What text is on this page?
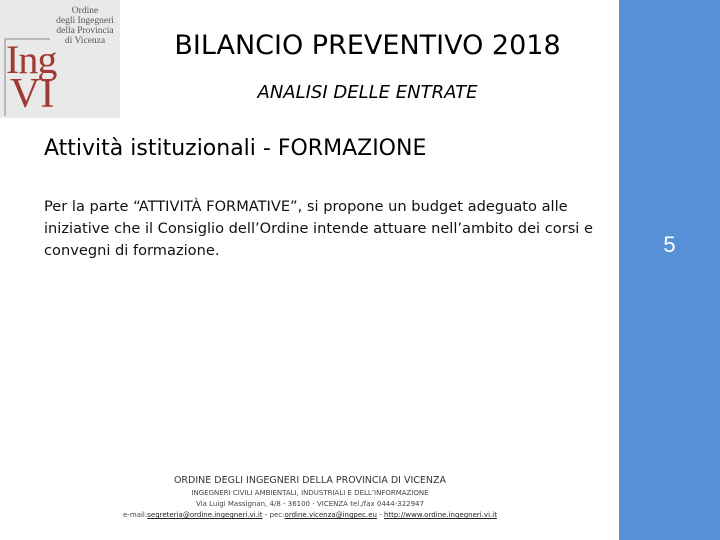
Ordine
degli Ingegneri
della Provincia
di Vicenza
Ing
VI
BILANCIO PREVENTIVO 2018
ANALISI DELLE ENTRATE
Attività istituzionali - FORMAZIONE

Per la parte “ATTIVITÀ FORMATIVE”, si propone un budget adeguato alle iniziative che il Consiglio dell’Ordine intende attuare nell’ambito dei corsi e convegni di formazione.	5
ORDINE DEGLI INGEGNERI DELLA PROVINCIA DI VICENZA
INGEGNERI CIVILI AMBIENTALI, INDUSTRIALI E DELL’INFORMAZIONE
Via Luigi Massignan, 4/8 - 36100 - VICENZA tel./fax 0444-322947
e-mail:segreteria@ordine.ingegneri.vi.it - pec:ordine.vicenza@ingpec.eu - http://www.ordine.ingegneri.vi.it
